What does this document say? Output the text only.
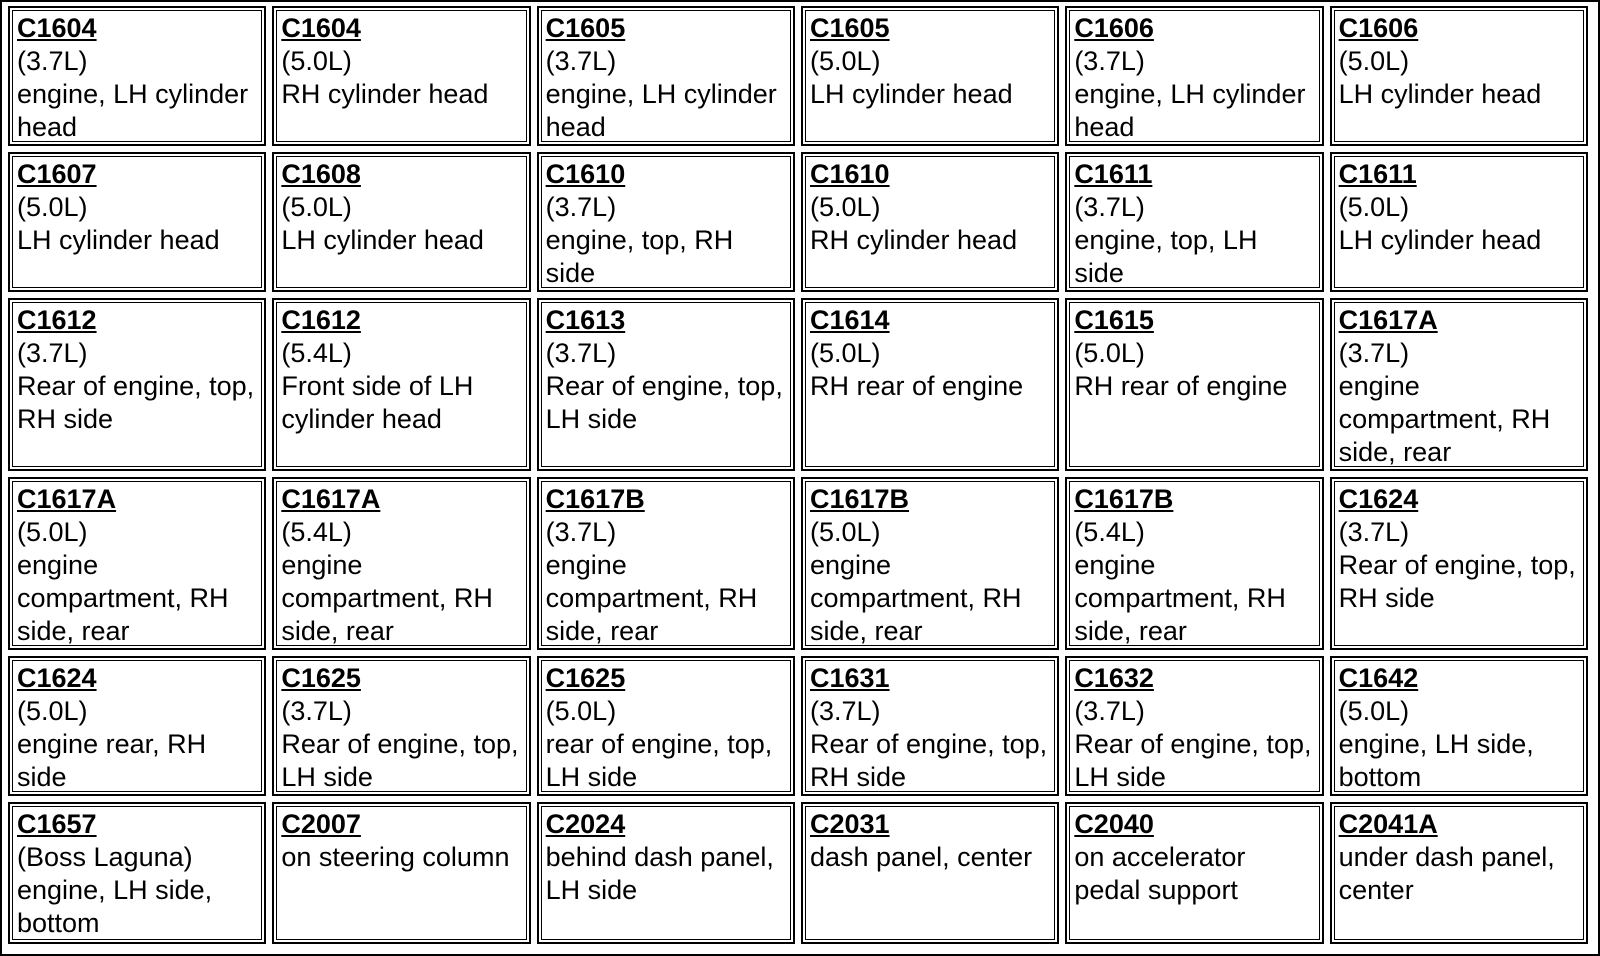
C1604
(3.7L)
engine, LH cylinder head	C1604
(5.0L)
RH cylinder head	C1605
(3.7L)
engine, LH cylinder head	C1605
(5.0L)
LH cylinder head	C1606
(3.7L)
engine, LH cylinder head	C1606
(5.0L)
LH cylinder head

C1607
(5.0L)
LH cylinder head	C1608
(5.0L)
LH cylinder head	C1610
(3.7L)
engine, top, RH side	C1610
(5.0L)
RH cylinder head	C1611
(3.7L)
engine, top, LH side	C1611
(5.0L)
LH cylinder head

C1612
(3.7L)
Rear of engine, top, RH side	C1612
(5.4L)
Front side of LH cylinder head	C1613
(3.7L)
Rear of engine, top, LH side	C1614
(5.0L)
RH rear of engine	C1615
(5.0L)
RH rear of engine	C1617A
(3.7L)
engine compartment, RH side, rear

C1617A
(5.0L)
engine compartment, RH side, rear	C1617A
(5.4L)
engine compartment, RH side, rear	C1617B
(3.7L)
engine compartment, RH side, rear	C1617B
(5.0L)
engine compartment, RH side, rear	C1617B
(5.4L)
engine compartment, RH side, rear	C1624
(3.7L)
Rear of engine, top, RH side

C1624
(5.0L)
engine rear, RH side	C1625
(3.7L)
Rear of engine, top, LH side	C1625
(5.0L)
rear of engine, top, LH side	C1631
(3.7L)
Rear of engine, top, RH side	C1632
(3.7L)
Rear of engine, top, LH side	C1642
(5.0L)
engine, LH side, bottom

C1657
(Boss Laguna)
engine, LH side, bottom	C2007
on steering column	C2024
behind dash panel, LH side	C2031
dash panel, center	C2040
on accelerator pedal support	C2041A
under dash panel, center
